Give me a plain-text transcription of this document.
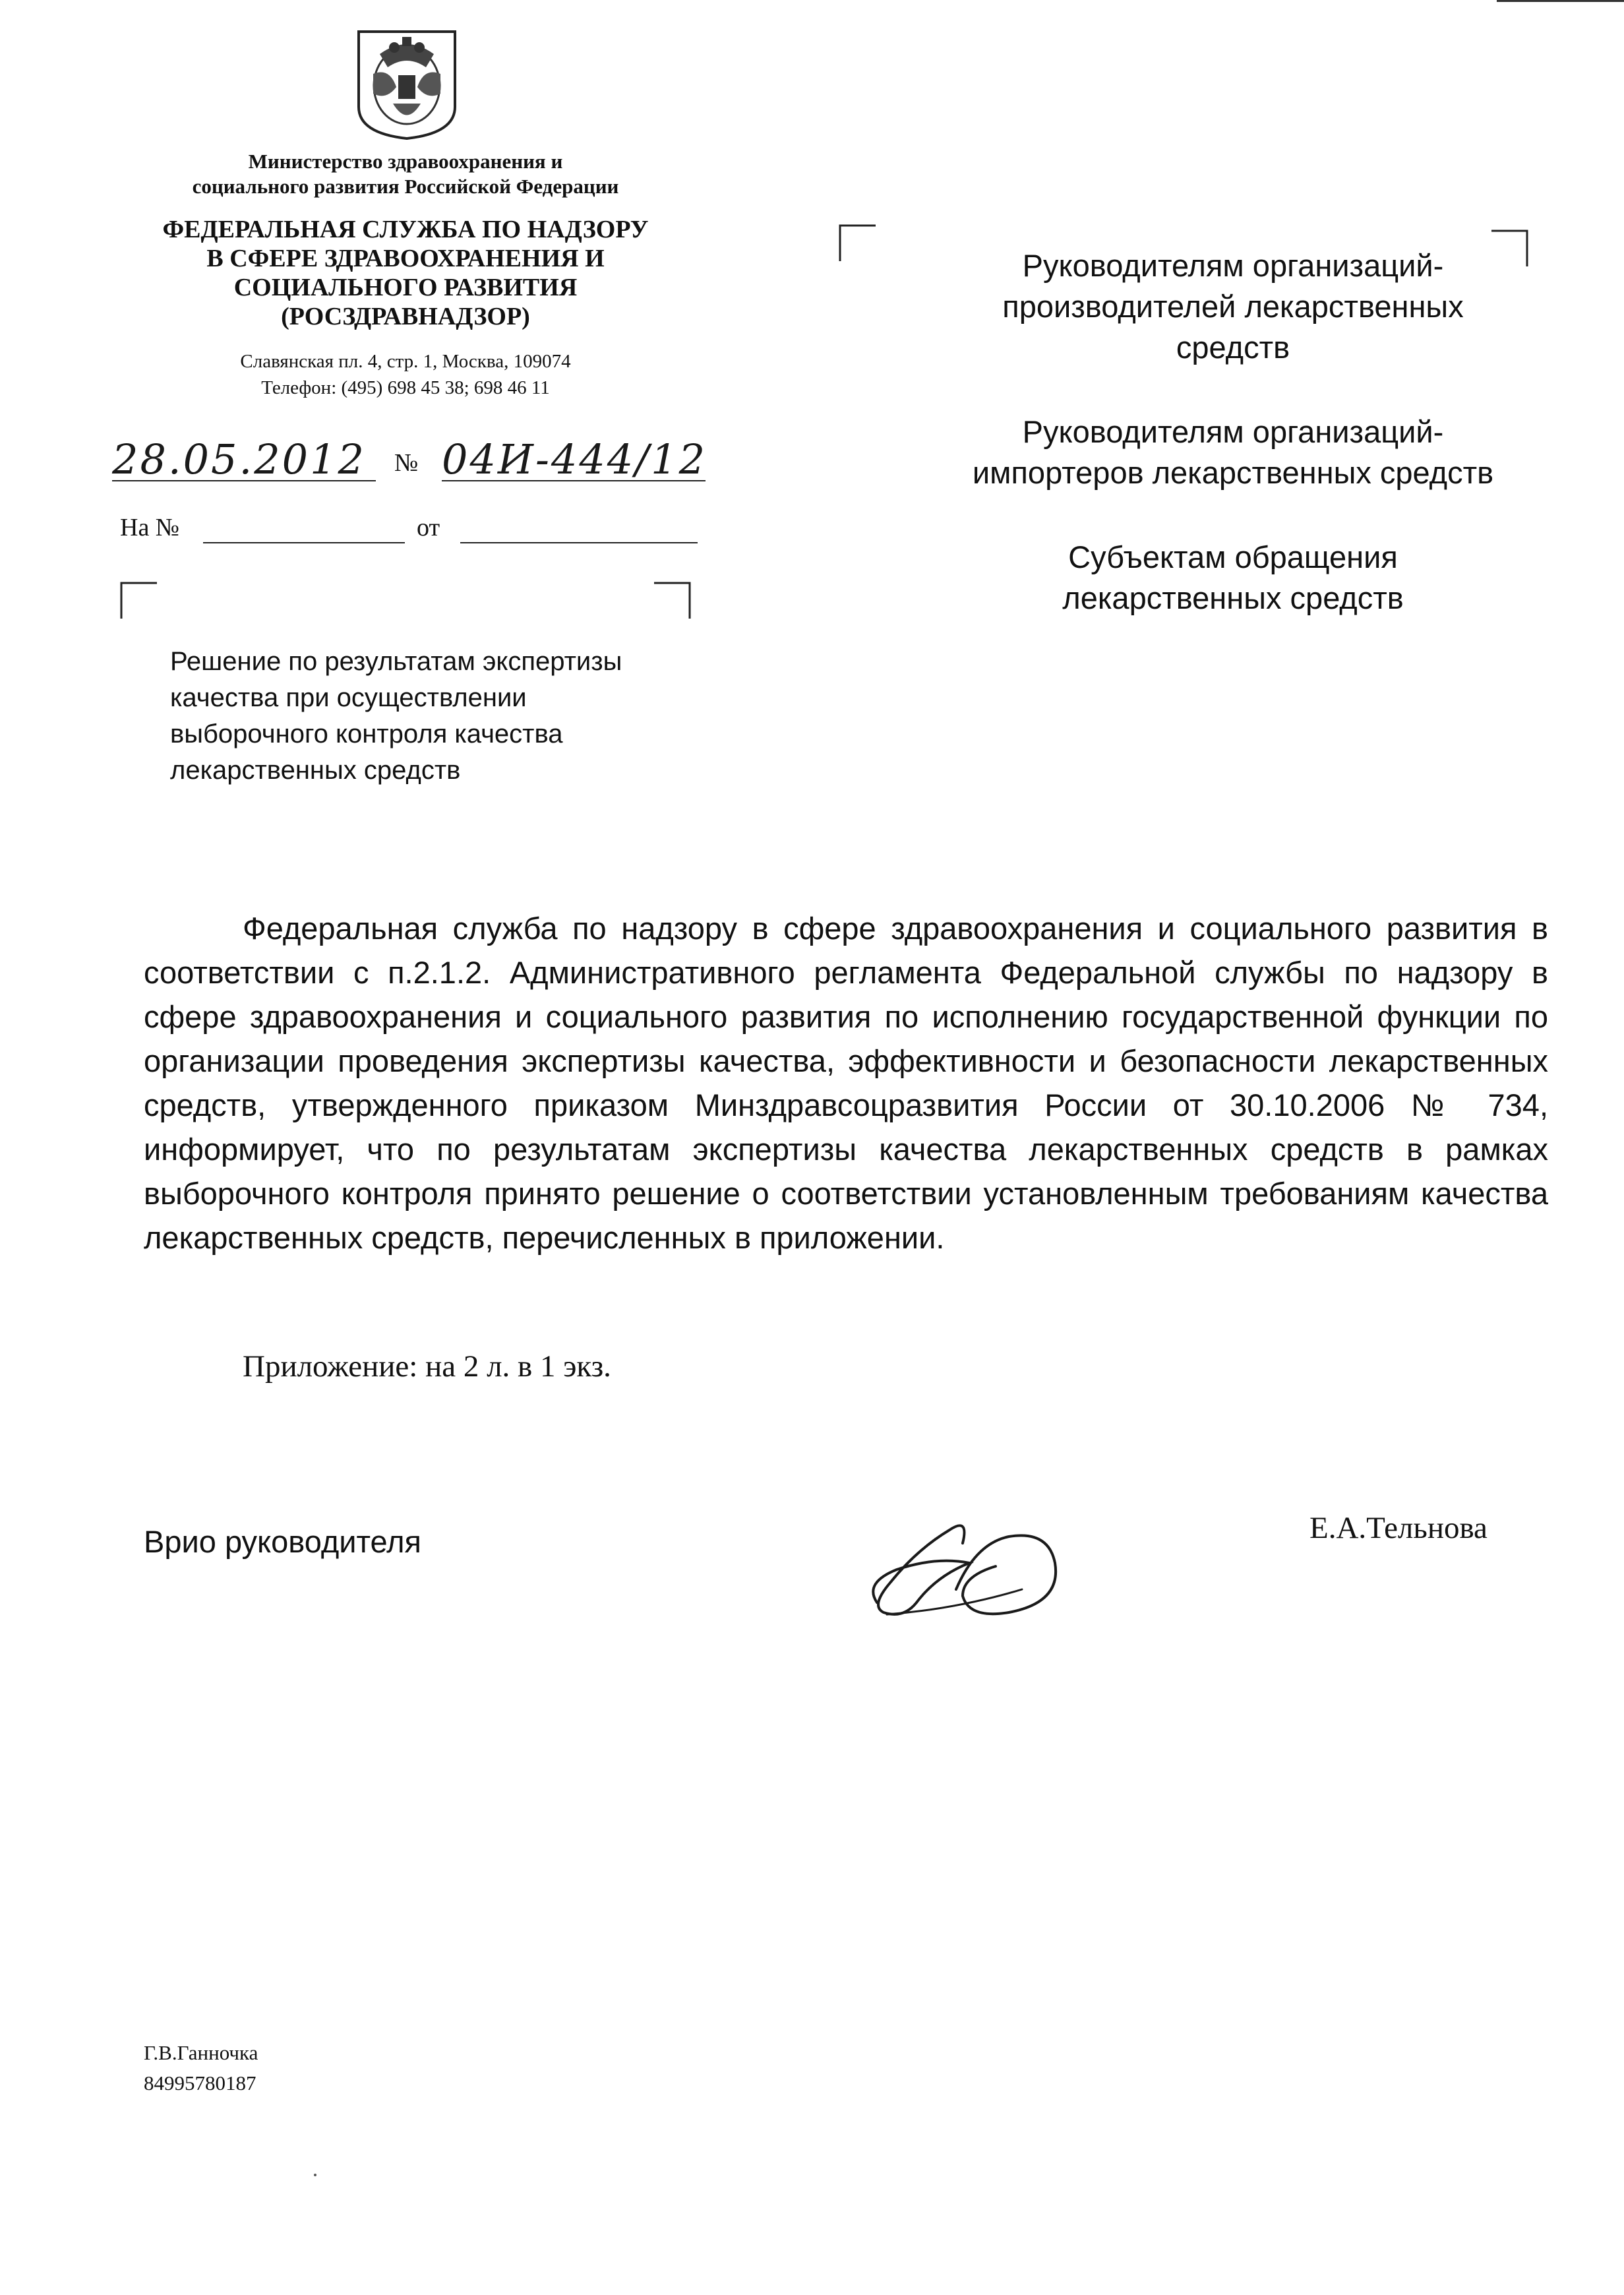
Министерство здравоохранения и
социального развития Российской Федерации
ФЕДЕРАЛЬНАЯ СЛУЖБА ПО НАДЗОРУ
В СФЕРЕ ЗДРАВООХРАНЕНИЯ И
СОЦИАЛЬНОГО РАЗВИТИЯ
(РОСЗДРАВНАДЗОР)
Славянская пл. 4, стр. 1, Москва, 109074
Телефон: (495) 698 45 38; 698 46 11
28.05.2012 № 04И-444/12
На №	от
Решение по результатам экспертизы
качества при осуществлении
выборочного контроля качества
лекарственных средств

Руководителям организаций-
производителей лекарственных
средств

Руководителям организаций-
импортеров лекарственных средств

Субъектам обращения
лекарственных средств

Федеральная служба по надзору в сфере здравоохранения и социального развития в соответствии с п.2.1.2. Административного регламента Федеральной службы по надзору в сфере здравоохранения и социального развития по исполнению государственной функции по организации проведения экспертизы качества, эффективности и безопасности лекарственных средств, утвержденного приказом Минздравсоцразвития России от 30.10.2006 № 734, информирует, что по результатам экспертизы качества лекарственных средств в рамках выборочного контроля принято решение о соответствии установленным требованиям качества лекарственных средств, перечисленных в приложении.

Приложение: на 2 л. в 1 экз.
Врио руководителя	Е.А.Тельнова
Г.В.Ганночка
84995780187
